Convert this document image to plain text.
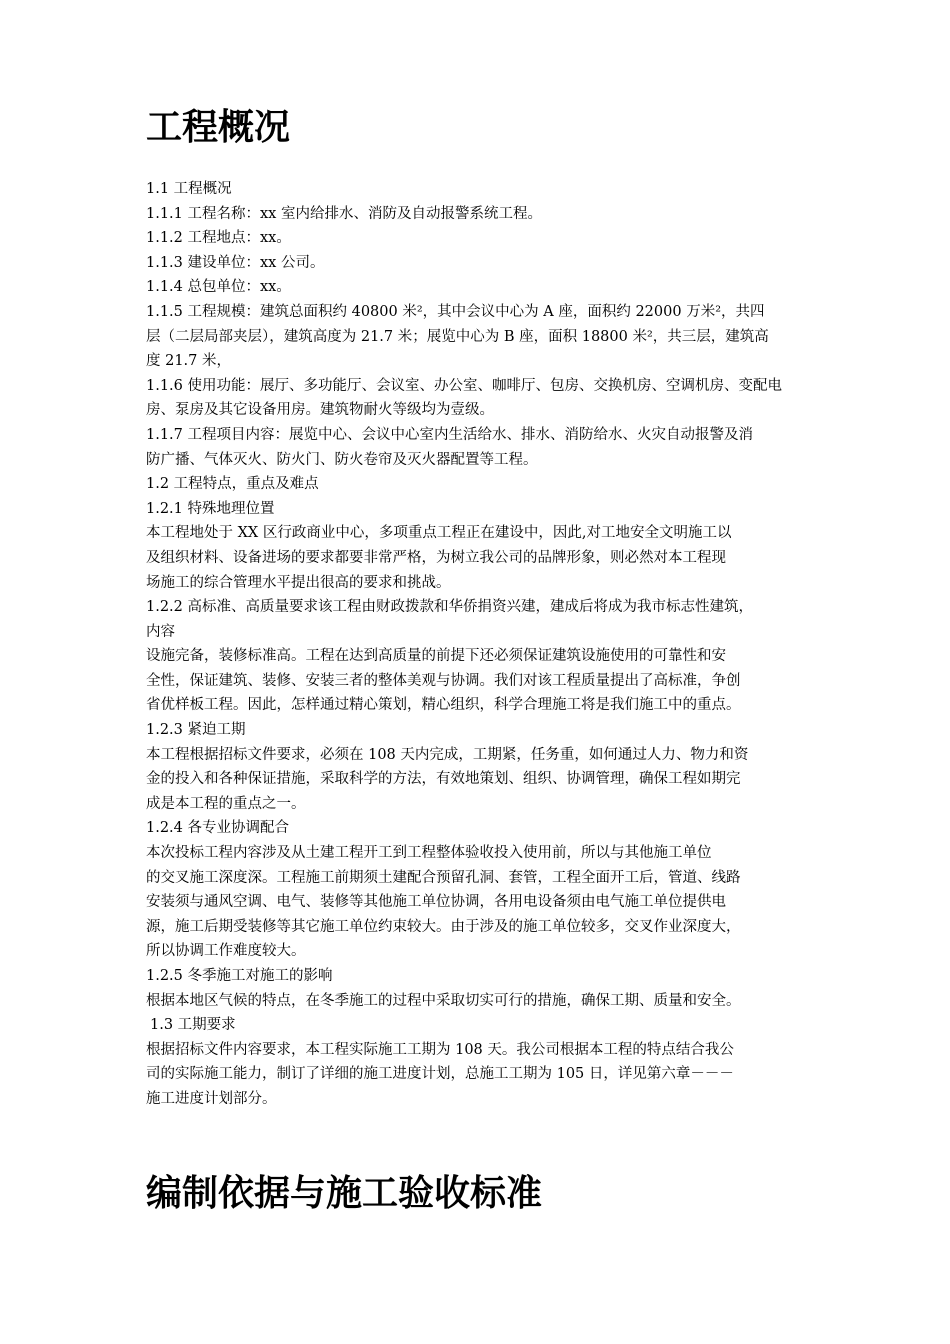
工程概况
1.1 工程概况
1.1.1 工程名称：xx 室内给排水、消防及自动报警系统工程。
1.1.2 工程地点：xx。
1.1.3 建设单位：xx 公司。
1.1.4 总包单位：xx。
1.1.5 工程规模：建筑总面积约 40800 米²，其中会议中心为 A 座，面积约 22000 万米²，共四
层（二层局部夹层），建筑高度为 21.7 米；展览中心为 B 座，面积 18800 米²，共三层，建筑高
度 21.7 米，
1.1.6 使用功能：展厅、多功能厅、会议室、办公室、咖啡厅、包房、交换机房、空调机房、变配电
房、泵房及其它设备用房。建筑物耐火等级均为壹级。
1.1.7 工程项目内容：展览中心、会议中心室内生活给水、排水、消防给水、火灾自动报警及消
防广播、气体灭火、防火门、防火卷帘及灭火器配置等工程。
1.2 工程特点，重点及难点
1.2.1 特殊地理位置
本工程地处于 XX 区行政商业中心，多项重点工程正在建设中，因此,对工地安全文明施工以
及组织材料、设备进场的要求都要非常严格，为树立我公司的品牌形象，则必然对本工程现
场施工的综合管理水平提出很高的要求和挑战。
1.2.2 高标准、高质量要求该工程由财政拨款和华侨捐资兴建，建成后将成为我市标志性建筑，
内容
设施完备，装修标准高。工程在达到高质量的前提下还必须保证建筑设施使用的可靠性和安
全性，保证建筑、装修、安装三者的整体美观与协调。我们对该工程质量提出了高标准，争创
省优样板工程。因此，怎样通过精心策划，精心组织，科学合理施工将是我们施工中的重点。
1.2.3 紧迫工期
本工程根据招标文件要求，必须在 108 天内完成，工期紧，任务重，如何通过人力、物力和资
金的投入和各种保证措施，采取科学的方法，有效地策划、组织、协调管理，确保工程如期完
成是本工程的重点之一。
1.2.4 各专业协调配合
本次投标工程内容涉及从土建工程开工到工程整体验收投入使用前，所以与其他施工单位
的交叉施工深度深。工程施工前期须土建配合预留孔洞、套管，工程全面开工后，管道、线路
安装须与通风空调、电气、装修等其他施工单位协调，各用电设备须由电气施工单位提供电
源，施工后期受装修等其它施工单位约束较大。由于涉及的施工单位较多，交叉作业深度大，
所以协调工作难度较大。
1.2.5 冬季施工对施工的影响
根据本地区气候的特点，在冬季施工的过程中采取切实可行的措施，确保工期、质量和安全。
1.3 工期要求
根据招标文件内容要求，本工程实际施工工期为 108 天。我公司根据本工程的特点结合我公
司的实际施工能力，制订了详细的施工进度计划，总施工工期为 105 日，详见第六章－－－
施工进度计划部分。
编制依据与施工验收标准
